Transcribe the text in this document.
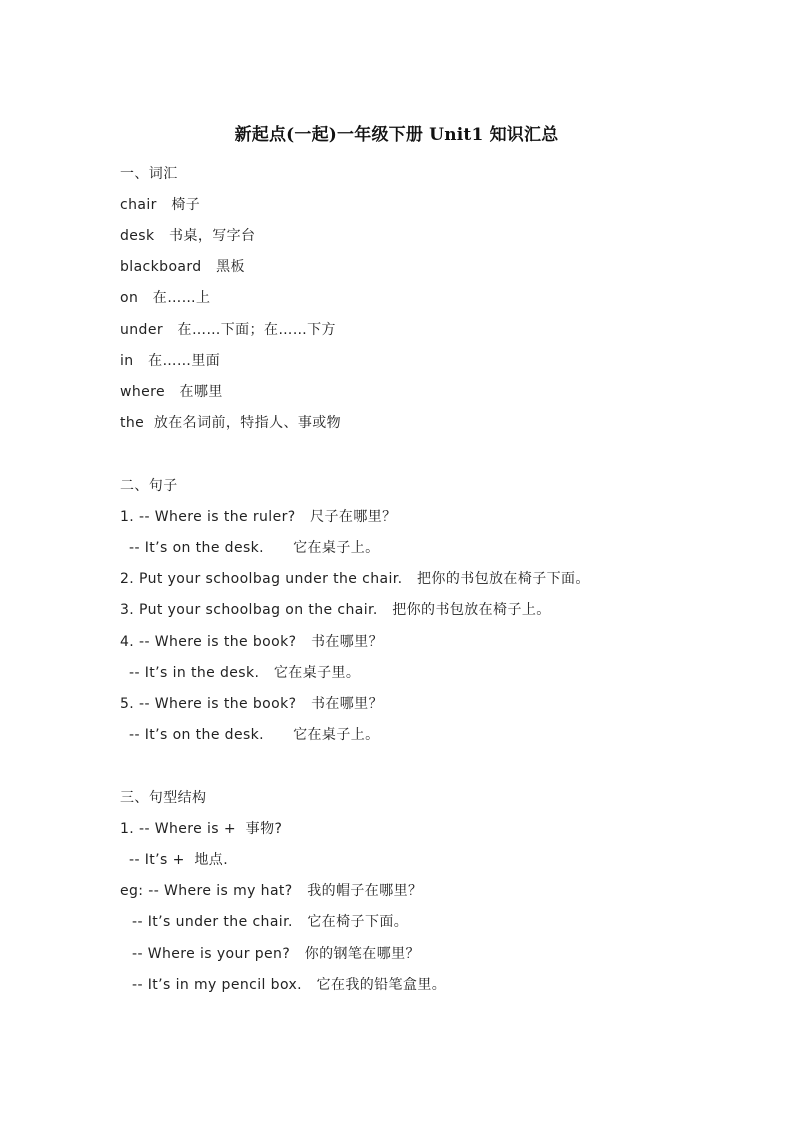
新起点(一起)一年级下册 Unit1 知识汇总
一、词汇
chair   椅子
desk   书桌，写字台
blackboard   黑板
on   在……上
under   在……下面；在……下方
in   在……里面
where   在哪里
the  放在名词前，特指人、事或物
二、句子
1. -- Where is the ruler?   尺子在哪里？
-- It’s on the desk.      它在桌子上。
2. Put your schoolbag under the chair.   把你的书包放在椅子下面。
3. Put your schoolbag on the chair.   把你的书包放在椅子上。
4. -- Where is the book?   书在哪里？
-- It’s in the desk.   它在桌子里。
5. -- Where is the book?   书在哪里？
-- It’s on the desk.      它在桌子上。
三、句型结构
1. -- Where is +  事物?
-- It’s +  地点.
eg: -- Where is my hat?   我的帽子在哪里？
-- It’s under the chair.   它在椅子下面。
-- Where is your pen?   你的钢笔在哪里？
-- It’s in my pencil box.   它在我的铅笔盒里。
